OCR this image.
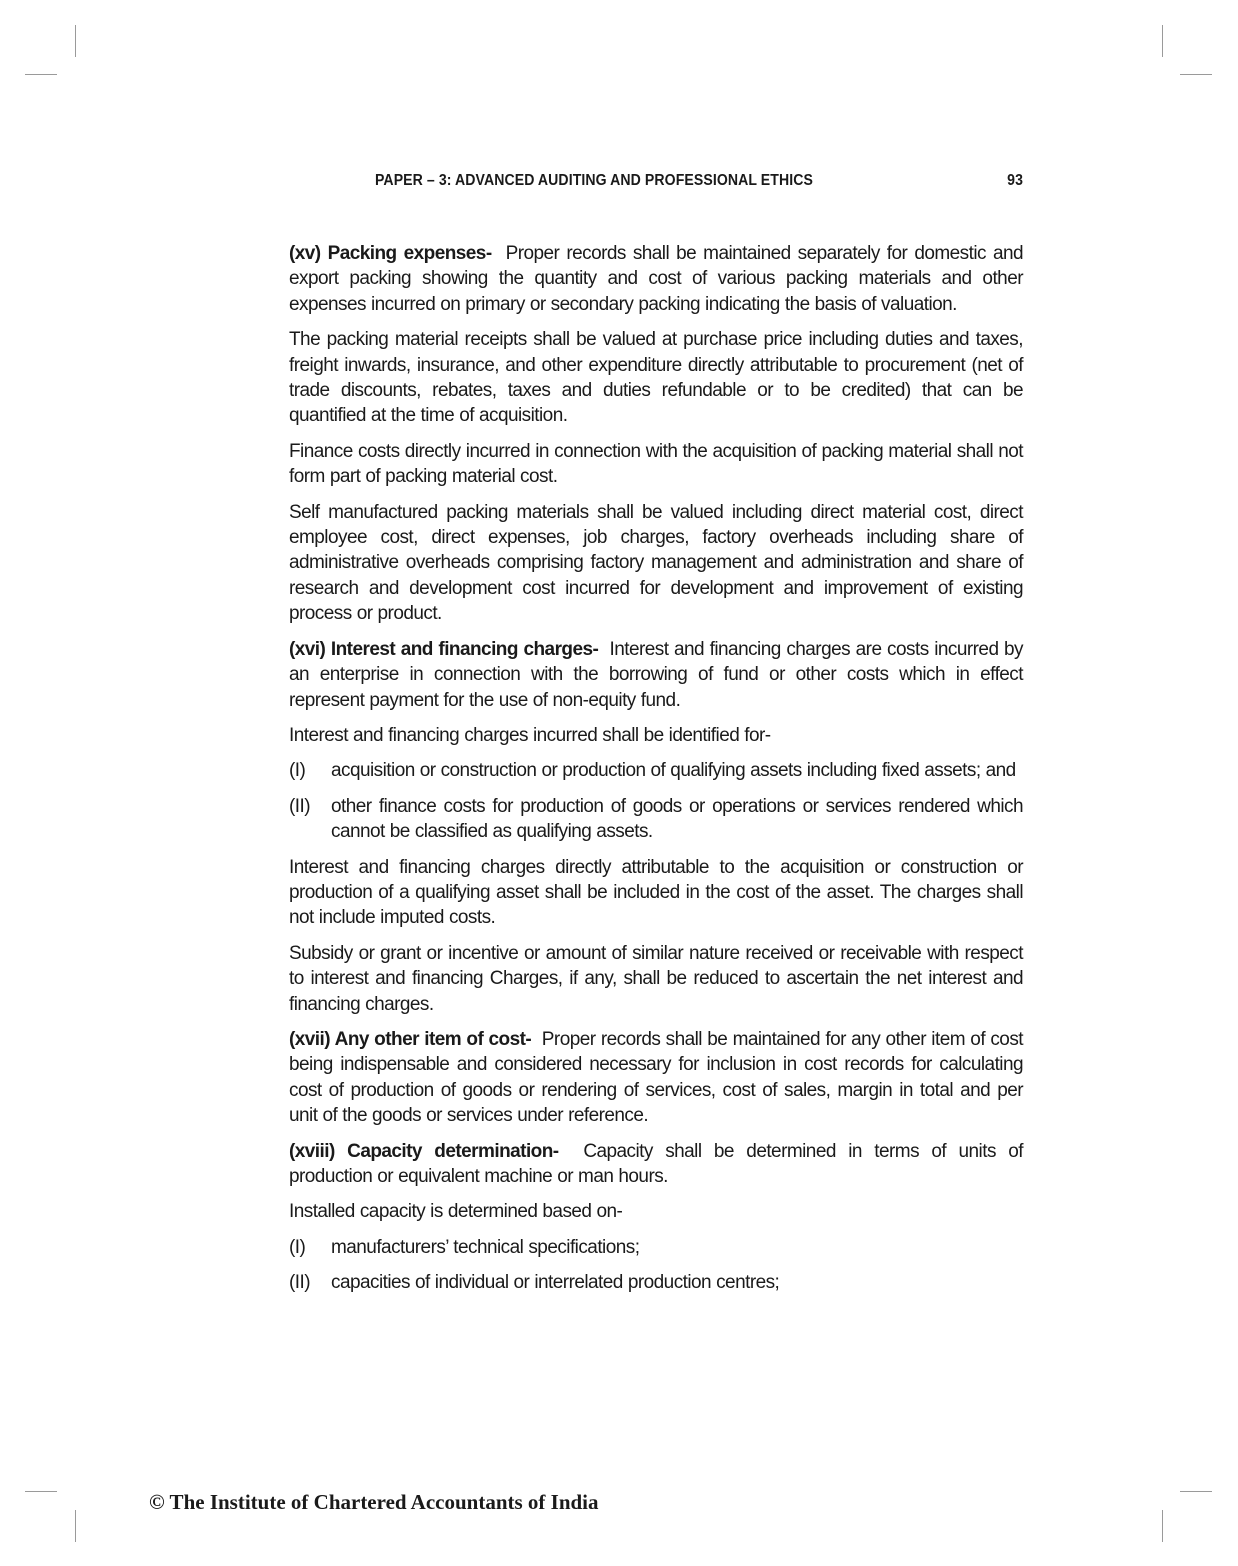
PAPER – 3: ADVANCED AUDITING AND PROFESSIONAL ETHICS	93

(xv) Packing expenses- Proper records shall be maintained separately for domestic and export packing showing the quantity and cost of various packing materials and other expenses incurred on primary or secondary packing indicating the basis of valuation.

The packing material receipts shall be valued at purchase price including duties and taxes, freight inwards, insurance, and other expenditure directly attributable to procurement (net of trade discounts, rebates, taxes and duties refundable or to be credited) that can be quantified at the time of acquisition.

Finance costs directly incurred in connection with the acquisition of packing material shall not form part of packing material cost.

Self manufactured packing materials shall be valued including direct material cost, direct employee cost, direct expenses, job charges, factory overheads including share of administrative overheads comprising factory management and administration and share of research and development cost incurred for development and improvement of existing process or product.

(xvi) Interest and financing charges- Interest and financing charges are costs incurred by an enterprise in connection with the borrowing of fund or other costs which in effect represent payment for the use of non-equity fund.

Interest and financing charges incurred shall be identified for-

(I) acquisition or construction or production of qualifying assets including fixed assets; and
(II) other finance costs for production of goods or operations or services rendered which cannot be classified as qualifying assets.

Interest and financing charges directly attributable to the acquisition or construction or production of a qualifying asset shall be included in the cost of the asset. The charges shall not include imputed costs.

Subsidy or grant or incentive or amount of similar nature received or receivable with respect to interest and financing Charges, if any, shall be reduced to ascertain the net interest and financing charges.

(xvii) Any other item of cost- Proper records shall be maintained for any other item of cost being indispensable and considered necessary for inclusion in cost records for calculating cost of production of goods or rendering of services, cost of sales, margin in total and per unit of the goods or services under reference.

(xviii) Capacity determination- Capacity shall be determined in terms of units of production or equivalent machine or man hours.

Installed capacity is determined based on-

(I) manufacturers’ technical specifications;
(II) capacities of individual or interrelated production centres;
© The Institute of Chartered Accountants of India
